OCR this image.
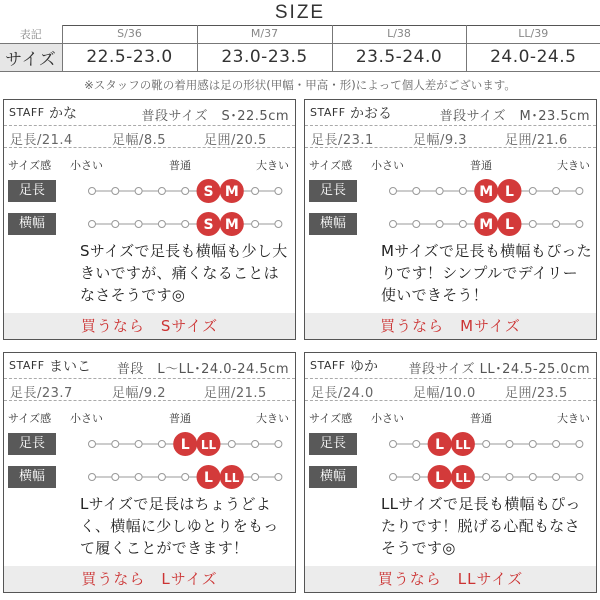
SIZE
表記	S/36	M/37	L/38	LL/39
サイズ	22.5-23.0	23.0-23.5	23.5-24.0	24.0-24.5
※スタッフの靴の着用感は足の形状(甲幅・甲高・形)によって個人差がございます。
STAFF かな	普段サイズ　S･22.5cm
足長/21.4	足幅/8.5	足囲/20.5
サイズ感 小さい	普通	大きい
足長	S M
横幅	S M
Sサイズで足長も横幅も少し大きいですが、痛くなることはなさそうです◎
買うなら　Sサイズ
STAFF かおる	普段サイズ　M･23.5cm
足長/23.1	足幅/9.3	足囲/21.6
サイズ感 小さい	普通	大きい
足長	M L
横幅	M L
Mサイズで足長も横幅もぴったりです！シンプルでデイリー使いできそう！
買うなら　Mサイズ
STAFF まいこ 普段　L～LL･24.0-24.5cm
足長/23.7	足幅/9.2	足囲/21.5
サイズ感 小さい	普通	大きい
足長	L LL
横幅	L LL
Lサイズで足長はちょうどよく、横幅に少しゆとりをもって履くことができます！
買うなら　Lサイズ
STAFF ゆか 普段サイズ LL･24.5-25.0cm
足長/24.0	足幅/10.0 足囲/23.5
サイズ感 小さい	普通	大きい
足長	L LL
横幅	L LL
LLサイズで足長も横幅もぴったりです！脱げる心配もなさそうです◎
買うなら　LLサイズ
